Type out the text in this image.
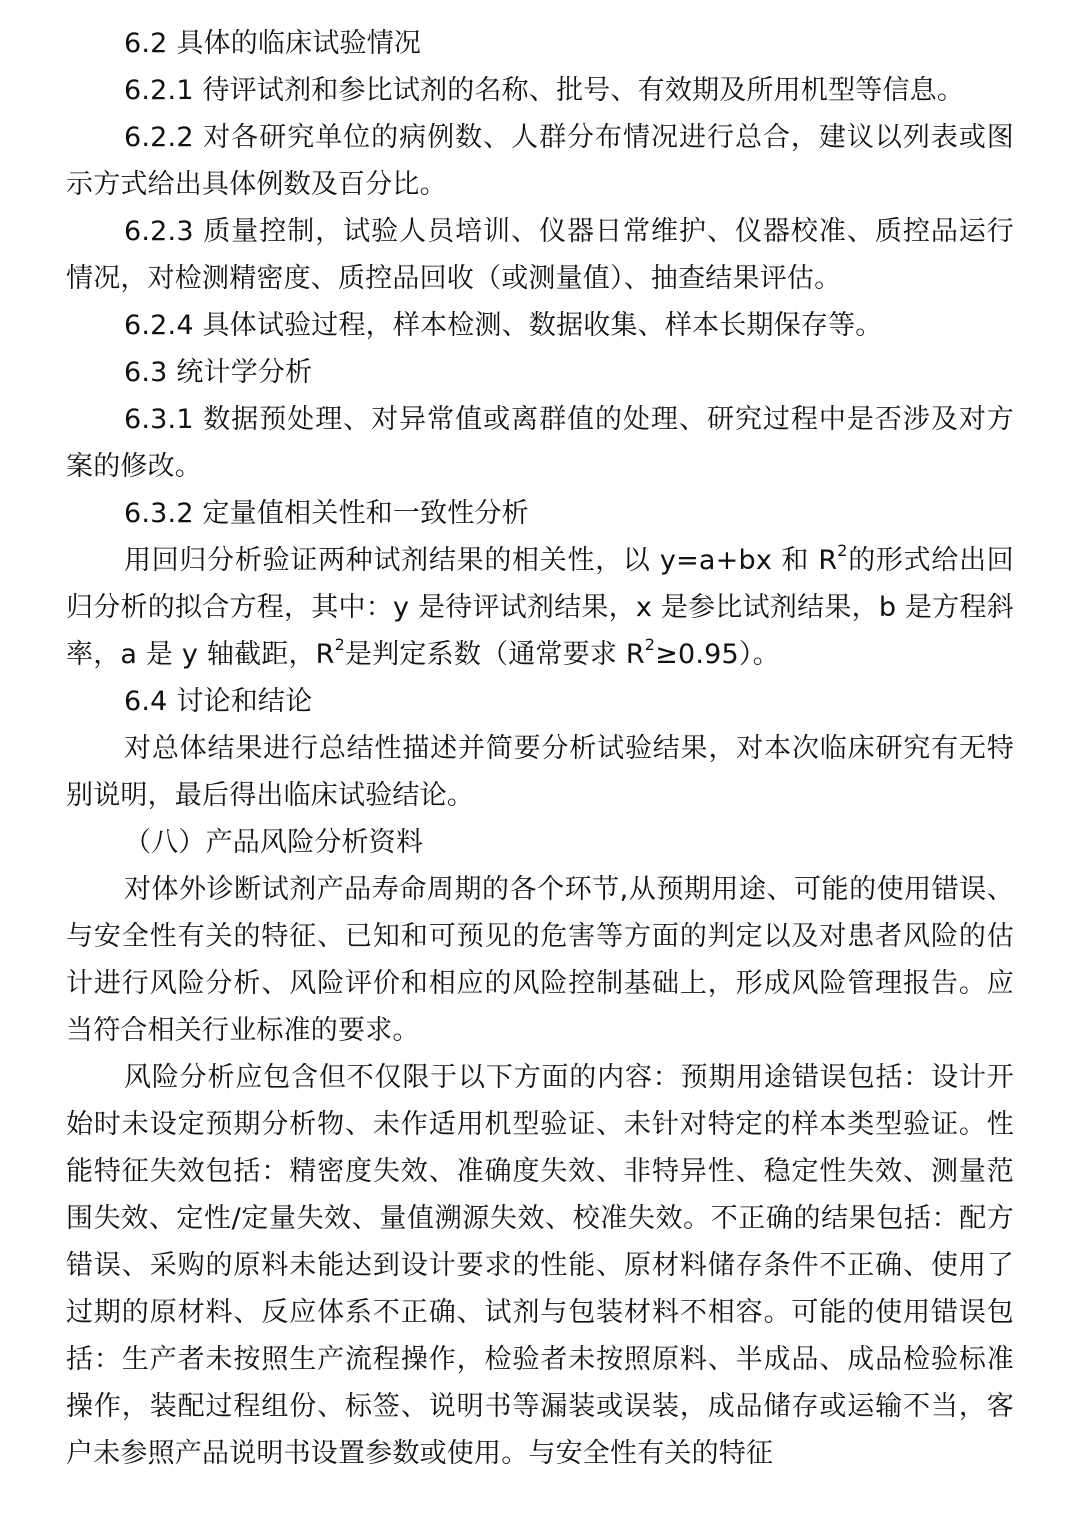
6.2 具体的临床试验情况

6.2.1 待评试剂和参比试剂的名称、批号、有效期及所用机型等信息。

6.2.2 对各研究单位的病例数、人群分布情况进行总合，建议以列表或图示方式给出具体例数及百分比。

6.2.3 质量控制，试验人员培训、仪器日常维护、仪器校准、质控品运行情况，对检测精密度、质控品回收（或测量值）、抽查结果评估。

6.2.4 具体试验过程，样本检测、数据收集、样本长期保存等。

6.3 统计学分析

6.3.1 数据预处理、对异常值或离群值的处理、研究过程中是否涉及对方案的修改。

6.3.2 定量值相关性和一致性分析

用回归分析验证两种试剂结果的相关性，以 y=a+bx 和 $R^2$的形式给出回归分析的拟合方程，其中：y 是待评试剂结果，x 是参比试剂结果，b 是方程斜率，a 是 y 轴截距，$R^2$是判定系数（通常要求 $R^2\ge 0.95$）。

6.4 讨论和结论

对总体结果进行总结性描述并简要分析试验结果，对本次临床研究有无特别说明，最后得出临床试验结论。

（八）产品风险分析资料

对体外诊断试剂产品寿命周期的各个环节,从预期用途、可能的使用错误、与安全性有关的特征、已知和可预见的危害等方面的判定以及对患者风险的估计进行风险分析、风险评价和相应的风险控制基础上，形成风险管理报告。应当符合相关行业标准的要求。

风险分析应包含但不仅限于以下方面的内容：预期用途错误包括：设计开始时未设定预期分析物、未作适用机型验证、未针对特定的样本类型验证。性能特征失效包括：精密度失效、准确度失效、非特异性、稳定性失效、测量范围失效、定性/定量失效、量值溯源失效、校准失效。不正确的结果包括：配方错误、采购的原料未能达到设计要求的性能、原材料储存条件不正确、使用了过期的原材料、反应体系不正确、试剂与包装材料不相容。可能的使用错误包括：生产者未按照生产流程操作，检验者未按照原料、半成品、成品检验标准操作，装配过程组份、标签、说明书等漏装或误装，成品储存或运输不当，客户未参照产品说明书设置参数或使用。与安全性有关的特征
